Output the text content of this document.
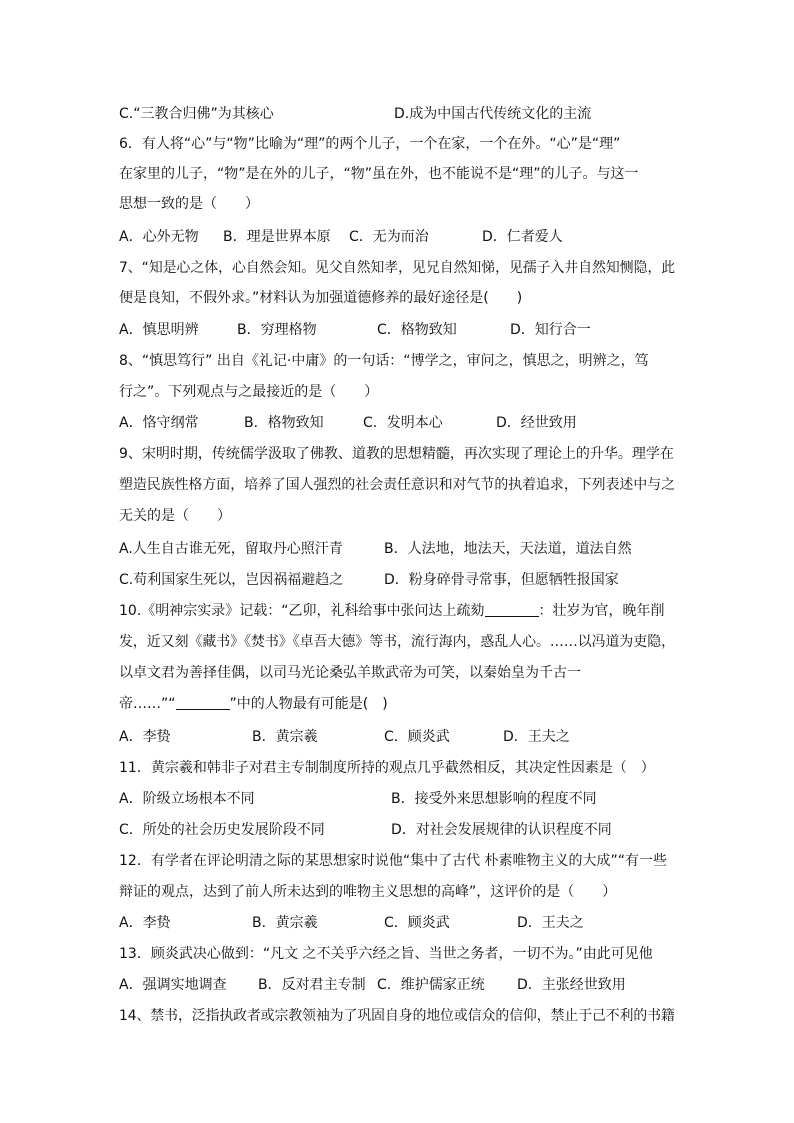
C.“三教合归佛”为其核心	D.成为中国古代传统文化的主流
6．有人将“心”与“物”比喻为“理”的两个儿子，一个在家，一个在外。“心”是“理”
在家里的儿子，“物”是在外的儿子，“物”虽在外，也不能说不是“理”的儿子。与这一
思想一致的是（　　）
A．心外无物 B．理是世界本原 C．无为而治	D．仁者爱人
7、“知是心之体，心自然会知。见父自然知孝，见兄自然知悌，见孺子入井自然知恻隐，此
便是良知，不假外求。”材料认为加强道德修养的最好途径是(　　)
A．慎思明辨	B．穷理格物	C．格物致知	D．知行合一
8、“慎思笃行” 出自《礼记·中庸》的一句话：“博学之，审问之，慎思之，明辨之，笃
行之”。下列观点与之最接近的是（　　）
A．恪守纲常	B．格物致知	C．发明本心	D．经世致用
9、宋明时期，传统儒学汲取了佛教、道教的思想精髓，再次实现了理论上的升华。理学在
塑造民族性格方面，培养了国人强烈的社会责任意识和对气节的执着追求，下列表述中与之
无关的是（　　）
A.人生自古谁无死，留取丹心照汗青	B．人法地，地法天，天法道，道法自然
C.苟利国家生死以，岂因祸福避趋之	D．粉身碎骨寻常事，但愿牺牲报国家
10.《明神宗实录》记载：“乙卯，礼科给事中张问达上疏劾	：壮岁为官，晚年削
发，近又刻《藏书》《焚书》《卓吾大德》等书，流行海内，惑乱人心。……以冯道为吏隐，
以卓文君为善择佳偶，以司马光论桑弘羊欺武帝为可笑，以秦始皇为千古一
帝……”“	”中的人物最有可能是(　)
A．李贽	B．黄宗羲	C．顾炎武	D．王夫之
11．黄宗羲和韩非子对君主专制制度所持的观点几乎截然相反，其决定性因素是（　）
A．阶级立场根本不同	B．接受外来思想影响的程度不同
C．所处的社会历史发展阶段不同	D．对社会发展规律的认识程度不同
12．有学者在评论明清之际的某思想家时说他“集中了古代 朴素唯物主义的大成”“有一些
辩证的观点，达到了前人所未达到的唯物主义思想的高峰”，这评价的是（　　）
A．李贽	B．黄宗羲	C．顾炎武	D．王夫之
13．顾炎武决心做到：“凡文 之不关乎六经之旨、当世之务者，一切不为。”由此可见他
A．强调实地调查 B．反对君主专制 C．维护儒家正统 D．主张经世致用
14、禁书，泛指执政者或宗教领袖为了巩固自身的地位或信众的信仰，禁止于己不利的书籍
